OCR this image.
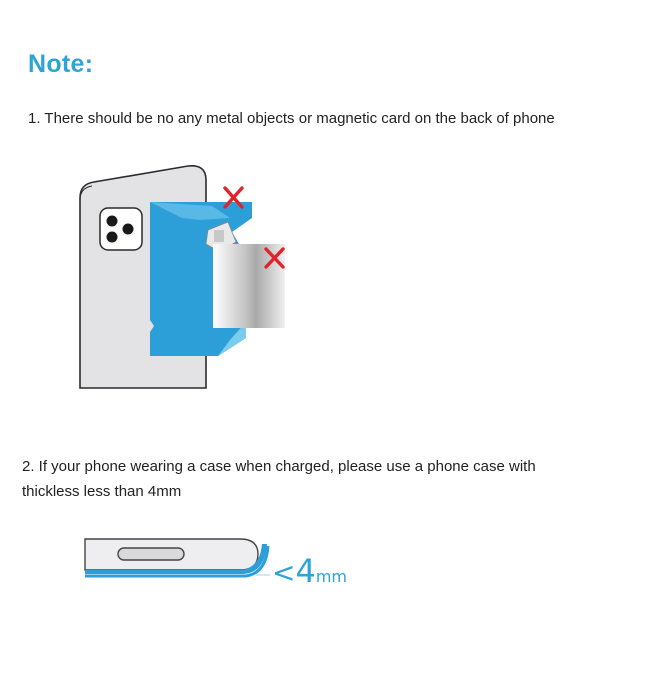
Note:
1. There should be no any metal objects or magnetic card on the back of phone
2. If your phone wearing a case when charged, please use a phone case with
thickless less than 4mm
<4mm
